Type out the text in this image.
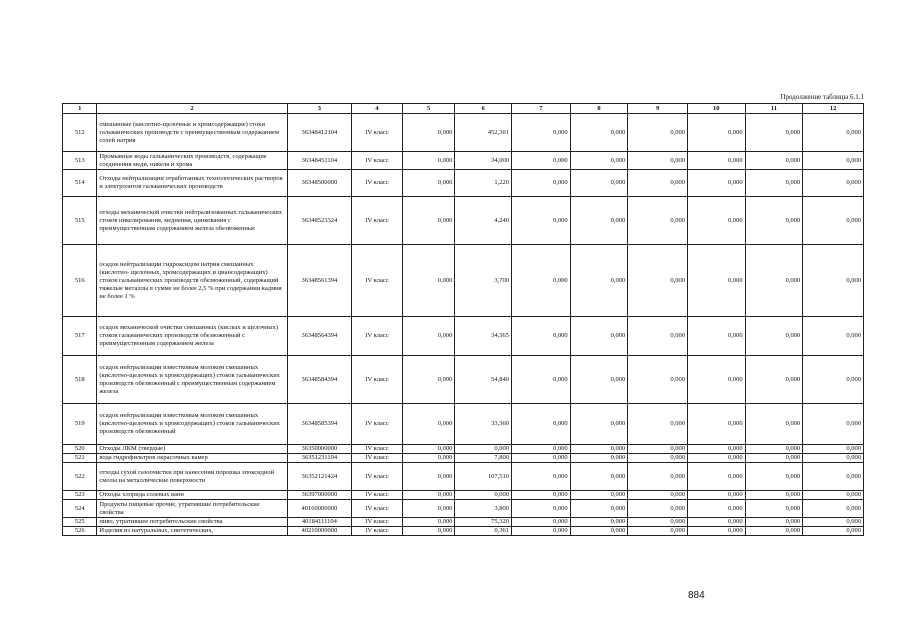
Продолжение таблицы 6.1.1
1	2	3	4	5	6	7	8	9	10	11	12
512	смешанные (кислотно-щелочные и хромсодержащие) стоки гальванических производств с преимущественным содержанием солей натрия	36348412104	IV класс	0,000	452,301	0,000	0,000	0,000	0,000	0,000	0,000
513	Промывные воды гальванических производств, содержащие соединения меди, никеля и хрома	36348451104	IV класс	0,000	34,000	0,000	0,000	0,000	0,000	0,000	0,000
514	Отходы нейтрализации отработанных технологических растворов и электролитов гальванических производств	36348500000	IV класс	0,000	1,220	0,000	0,000	0,000	0,000	0,000	0,000
515	отходы механической очистки нейтрализованных гальванических стоков никелирования, меднения, цинкования с преимущественным содержанием железа обезвоженные	36348523324	IV класс	0,000	4,240	0,000	0,000	0,000	0,000	0,000	0,000
516	осадок нейтрализации гидроксидом натрия смешанных (кислотно- щелочных, хромсодержащих и циансодержащих) стоков гальванических производств обезвоженный, содержащий тяжелые металлы в сумме не более 2,5 % при содержании кадмия не более 1 %	36348561394	IV класс	0,000	3,700	0,000	0,000	0,000	0,000	0,000	0,000
517	осадок механической очистки смешанных (кислых и щелочных) стоков гальванических производств обезвоженный с преимущественным содержанием железа	36348564394	IV класс	0,000	34,365	0,000	0,000	0,000	0,000	0,000	0,000
518	осадок нейтрализации известковым молоком смешанных (кислотно-щелочных и хромсодержащих) стоков гальванических производств обезвоженный с преимущественным содержанием железа	36348584394	IV класс	0,000	54,840	0,000	0,000	0,000	0,000	0,000	0,000
519	осадок нейтрализации известковым молоком смешанных (кислотно-щелочных и хромсодержащих) стоков гальванических производств обезвоженный	36348585394	IV класс	0,000	33,360	0,000	0,000	0,000	0,000	0,000	0,000
520	Отходы ЛКМ (твердые)	36350000000	IV класс	0,000	0,000	0,000	0,000	0,000	0,000	0,000	0,000
521	вода гидрофильтров окрасочных камер	36351231104	IV класс	0,000	7,800	0,000	0,000	0,000	0,000	0,000	0,000
522	отходы сухой газоочистки при нанесении порошка эпоксидной смолы на металлические поверхности	36352121424	IV класс	0,000	107,510	0,000	0,000	0,000	0,000	0,000	0,000
523	Отходы хлорида солевых ванн	36397000000	IV класс	0,000	0,000	0,000	0,000	0,000	0,000	0,000	0,000
524	Продукты пищевые прочие, утратившие потребительские свойства	40160000000	IV класс	0,000	3,800	0,000	0,000	0,000	0,000	0,000	0,000
525	пиво, утратившее потребительские свойства	40184111104	IV класс	0,000	75,320	0,000	0,000	0,000	0,000	0,000	0,000
526	Изделия из натуральных, синтетических,	40210000000	IV класс	0,000	0,361	0,000	0,000	0,000	0,000	0,000	0,000
884
